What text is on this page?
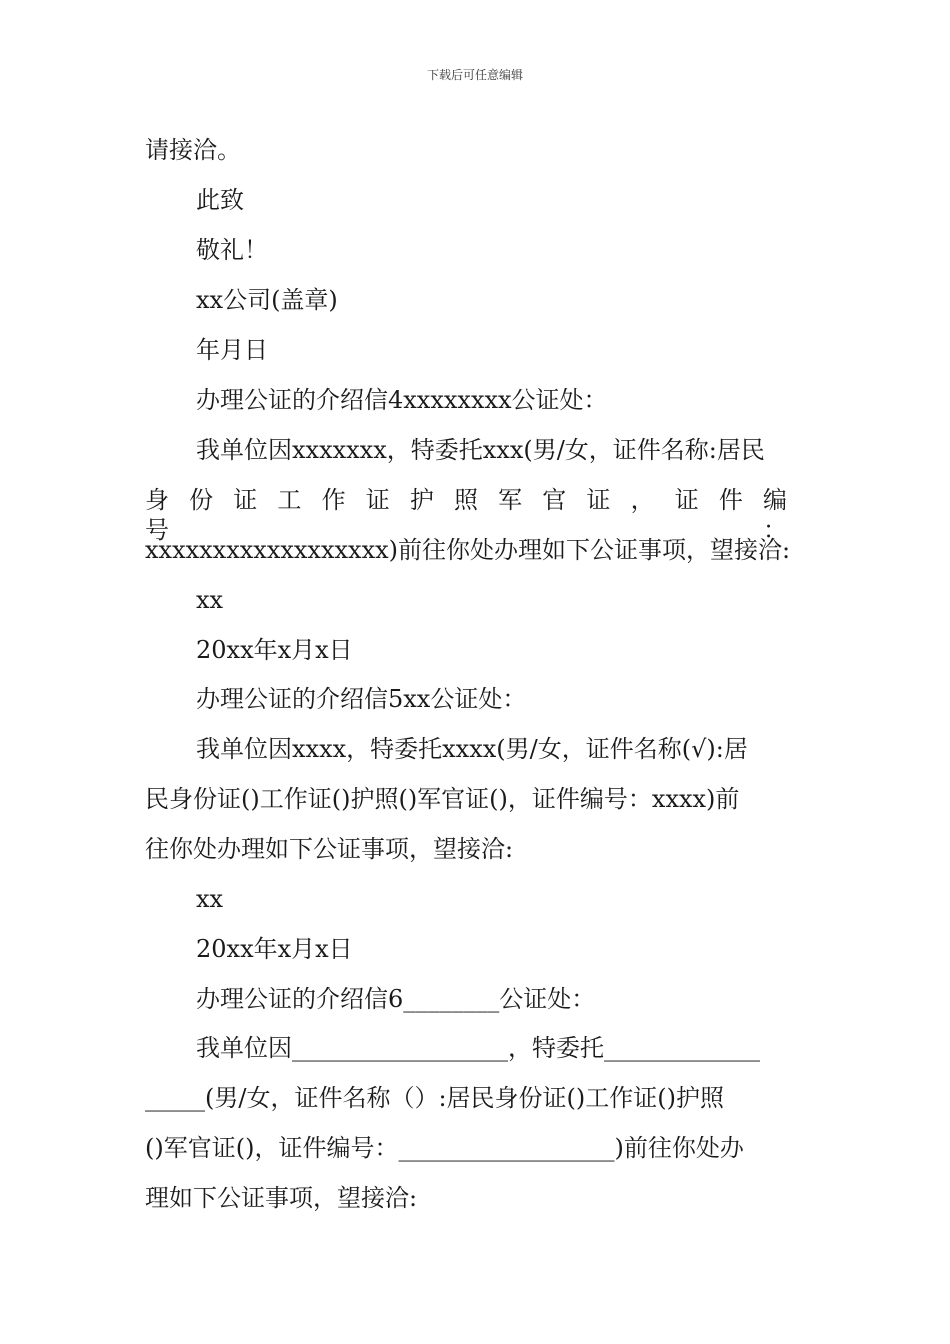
下载后可任意编辑
请接洽。
此致
敬礼！
xx公司(盖章)
年月日
办理公证的介绍信4xxxxxxxx公证处：
我单位因xxxxxxx，特委托xxx(男/女，证件名称:居民
身份证工作证护照军官证，证件编号：
xxxxxxxxxxxxxxxxxx)前往你处办理如下公证事项，望接洽:
xx
20xx年x月x日
办理公证的介绍信5xx公证处：
我单位因xxxx，特委托xxxx(男/女，证件名称(√):居
民身份证()工作证()护照()军官证()，证件编号：xxxx)前
往你处办理如下公证事项，望接洽:
xx
20xx年x月x日
办理公证的介绍信6________公证处：
我单位因__________________，特委托_____________
_____(男/女，证件名称（）:居民身份证()工作证()护照
()军官证()，证件编号：__________________)前往你处办
理如下公证事项，望接洽:
